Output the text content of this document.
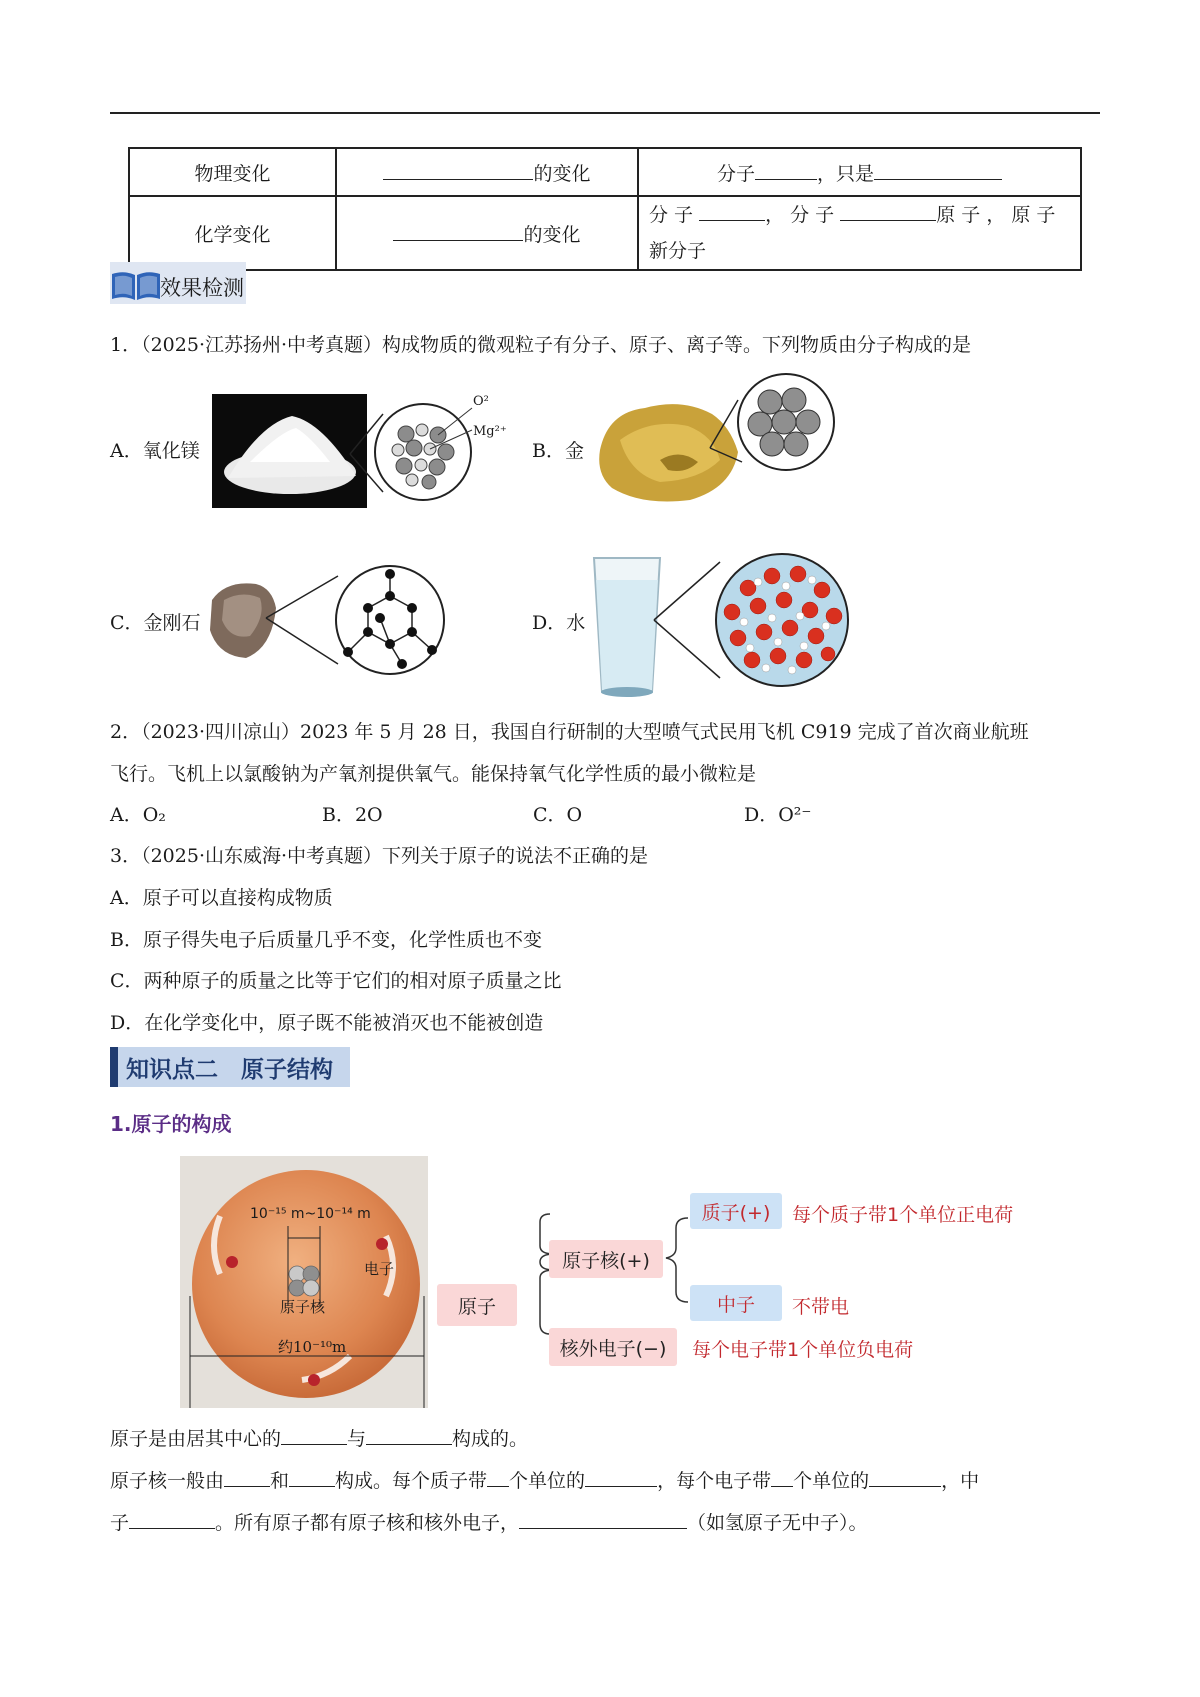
物理变化	的变化	分子 ，只是
化学变化	的变化	分 子 ， 分 子 原 子 ， 原 子
新分子
效果检测
1．（2025·江苏扬州·中考真题）构成物质的微观粒子有分子、原子、离子等。下列物质由分子构成的是
A．氧化镁
O²
Mg²⁺
B．金
C．金刚石	D．水
2．（2023·四川凉山）2023 年 5 月 28 日，我国自行研制的大型喷气式民用飞机 C919 完成了首次商业航班
飞行。飞机上以氯酸钠为产氧剂提供氧气。能保持氧气化学性质的最小微粒是
A．O₂	B．2O	C．O	D．O²⁻
3．（2025·山东威海·中考真题）下列关于原子的说法不正确的是
A．原子可以直接构成物质
B．原子得失电子后质量几乎不变，化学性质也不变
C．两种原子的质量之比等于它们的相对原子质量之比
D．在化学变化中，原子既不能被消灭也不能被创造
知识点二　原子结构
1.原子的构成
10⁻¹⁵ m~10⁻¹⁴ m
电子
原子核
约10⁻¹⁰m
原子
原子核(+)
核外电子(−)
质子(+)
中子
每个质子带1个单位正电荷
不带电
每个电子带1个单位负电荷
原子是由居其中心的	与	构成的。
原子核一般由 和 构成。每个质子带 个单位的	，每个电子带 个单位的	，中
子	。所有原子都有原子核和核外电子，	（如氢原子无中子）。
